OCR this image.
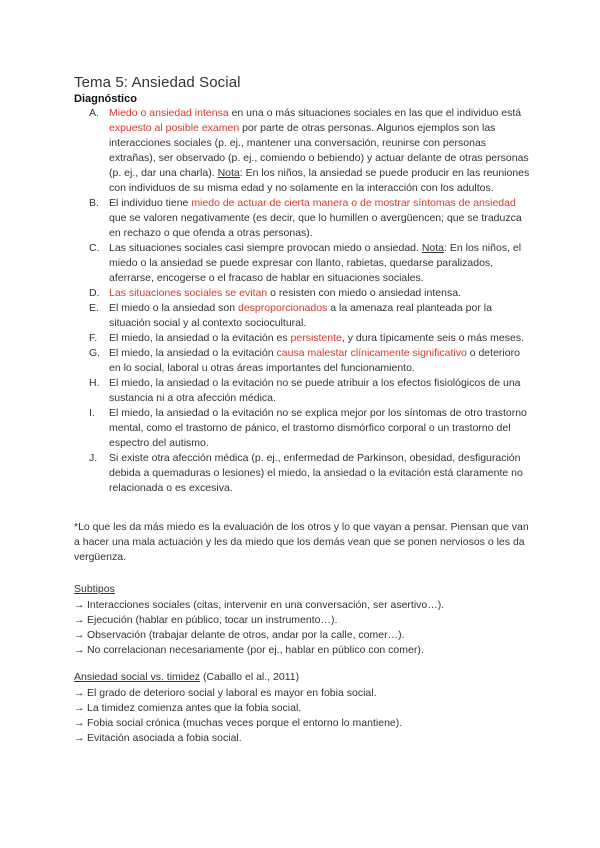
Tema 5: Ansiedad Social
Diagnóstico
A. Miedo o ansiedad intensa en una o más situaciones sociales en las que el individuo está expuesto al posible examen por parte de otras personas. Algunos ejemplos son las interacciones sociales (p. ej., mantener una conversación, reunirse con personas extrañas), ser observado (p. ej., comiendo o bebiendo) y actuar delante de otras personas (p. ej., dar una charla). Nota: En los niños, la ansiedad se puede producir en las reuniones con individuos de su misma edad y no solamente en la interacción con los adultos.
B. El individuo tiene miedo de actuar de cierta manera o de mostrar síntomas de ansiedad que se valoren negativamente (es decir, que lo humillen o avergüencen; que se traduzca en rechazo o que ofenda a otras personas).
C. Las situaciones sociales casi siempre provocan miedo o ansiedad. Nota: En los niños, el miedo o la ansiedad se puede expresar con llanto, rabietas, quedarse paralizados, aferrarse, encogerse o el fracaso de hablar en situaciones sociales.
D. Las situaciones sociales se evitan o resisten con miedo o ansiedad intensa.
E. El miedo o la ansiedad son desproporcionados a la amenaza real planteada por la situación social y al contexto sociocultural.
F. El miedo, la ansiedad o la evitación es persistente, y dura típicamente seis o más meses.
G. El miedo, la ansiedad o la evitación causa malestar clínicamente significativo o deterioro en lo social, laboral u otras áreas importantes del funcionamiento.
H. El miedo, la ansiedad o la evitación no se puede atribuir a los efectos fisiológicos de una sustancia ni a otra afección médica.
I. El miedo, la ansiedad o la evitación no se explica mejor por los síntomas de otro trastorno mental, como el trastorno de pánico, el trastorno dismórfico corporal o un trastorno del espectro del autismo.
J. Si existe otra afección médica (p. ej., enfermedad de Parkinson, obesidad, desfiguración debida a quemaduras o lesiones) el miedo, la ansiedad o la evitación está claramente no relacionada o es excesiva.
*Lo que les da más miedo es la evaluación de los otros y lo que vayan a pensar. Piensan que van a hacer una mala actuación y les da miedo que los demás vean que se ponen nerviosos o les da vergüenza.
Subtipos
→ Interacciones sociales (citas, intervenir en una conversación, ser asertivo…).
→ Ejecución (hablar en público, tocar un instrumento…).
→ Observación (trabajar delante de otros, andar por la calle, comer…).
→ No correlacionan necesariamente (por ej., hablar en público con comer).
Ansiedad social vs. timidez (Caballo el al., 2011)
→ El grado de deterioro social y laboral es mayor en fobia social.
→ La timidez comienza antes que la fobia social.
→ Fobia social crónica (muchas veces porque el entorno lo mantiene).
→ Evitación asociada a fobia social.
